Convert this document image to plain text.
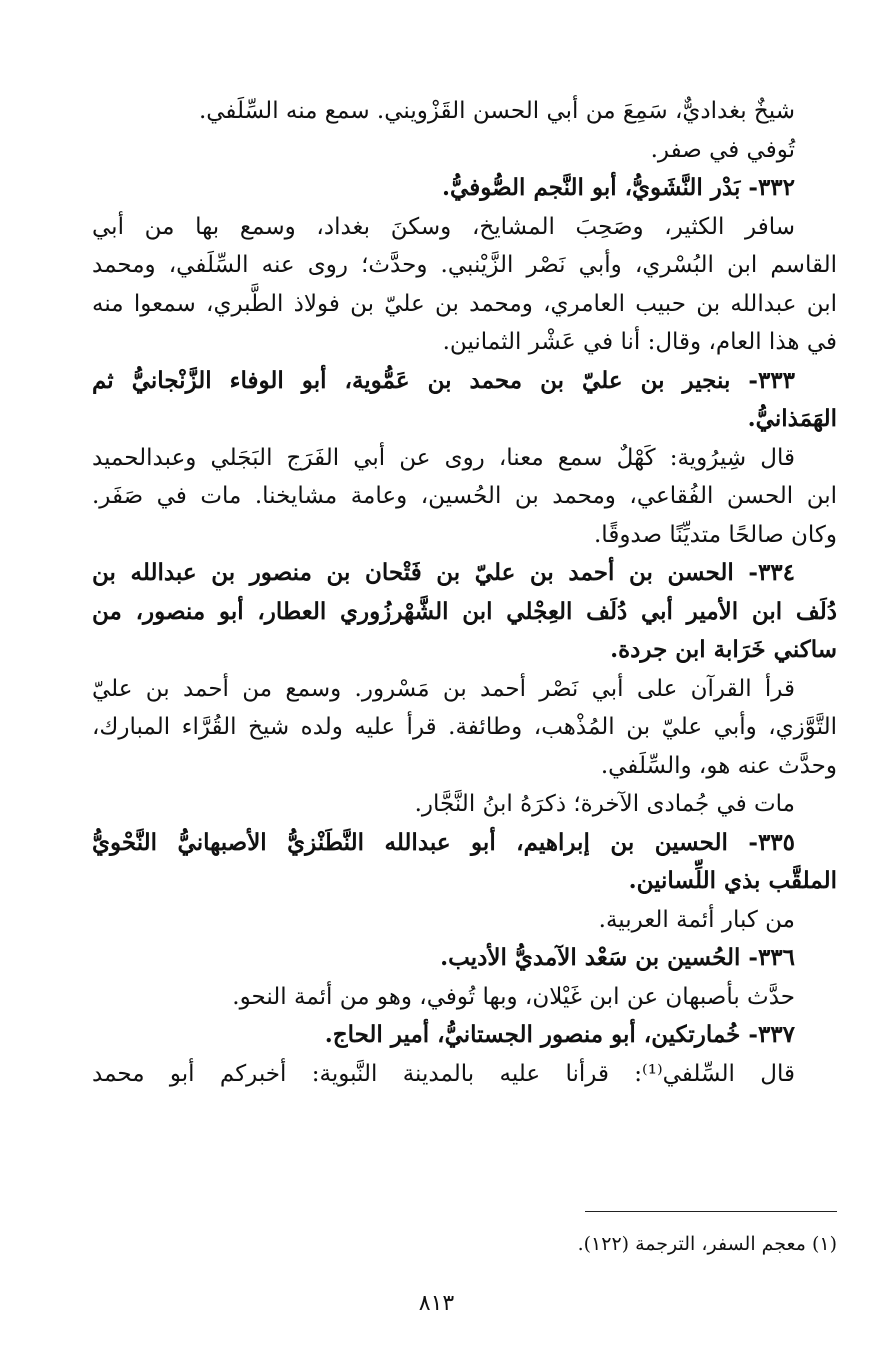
شيخٌ بغداديٌّ، سَمِعَ من أبي الحسن القَزْويني. سمع منه السِّلَفي.

تُوفي في صفر.

٣٣٢- بَدْر النَّشَويُّ، أبو النَّجم الصُّوفيُّ.

سافر الكثير، وصَحِبَ المشايخ، وسكنَ بغداد، وسمع بها من أبي

القاسم ابن البُسْري، وأبي نَصْر الزَّيْنبي. وحدَّث؛ روى عنه السِّلَفي، ومحمد

ابن عبدالله بن حبيب العامري، ومحمد بن عليّ بن فولاذ الطَّبري، سمعوا منه

في هذا العام، وقال: أنا في عَشْر الثمانين.

٣٣٣- بنجير بن عليّ بن محمد بن عَمُّوية، أبو الوفاء الزَّنْجانيُّ ثم

الهَمَذانيُّ.

قال شِيرُوية: كَهْلٌ سمع معنا، روى عن أبي الفَرَج البَجَلي وعبدالحميد

ابن الحسن الفُقاعي، ومحمد بن الحُسين، وعامة مشايخنا. مات في صَفَر.

وكان صالحًا متديِّنًا صدوقًا.

٣٣٤- الحسن بن أحمد بن عليّ بن فَتْحان بن منصور بن عبدالله بن

دُلَف ابن الأمير أبي دُلَف العِجْلي ابن الشَّهْرزُوري العطار، أبو منصور، من

ساكني خَرَابة ابن جردة.

قرأ القرآن على أبي نَصْر أحمد بن مَسْرور. وسمع من أحمد بن عليّ

التَّوَّزي، وأبي عليّ بن المُذْهب، وطائفة. قرأ عليه ولده شيخ القُرَّاء المبارك،

وحدَّث عنه هو، والسِّلَفي.

مات في جُمادى الآخرة؛ ذكرَهُ ابنُ النَّجَّار.

٣٣٥- الحسين بن إبراهيم، أبو عبدالله النَّطَنْزيُّ الأصبهانيُّ النَّحْويُّ

الملقَّب بذي اللِّسانين.

من كبار أئمة العربية.

٣٣٦- الحُسين بن سَعْد الآمديُّ الأديب.

حدَّث بأصبهان عن ابن غَيْلان، وبها تُوفي، وهو من أئمة النحو.

٣٣٧- خُمارتكين، أبو منصور الجستانيُّ، أمير الحاج.

قال السِّلفي⁽¹⁾: قرأنا عليه بالمدينة النَّبوية: أخبركم أبو محمد

(١) معجم السفر، الترجمة (١٢٢).
٨١٣
